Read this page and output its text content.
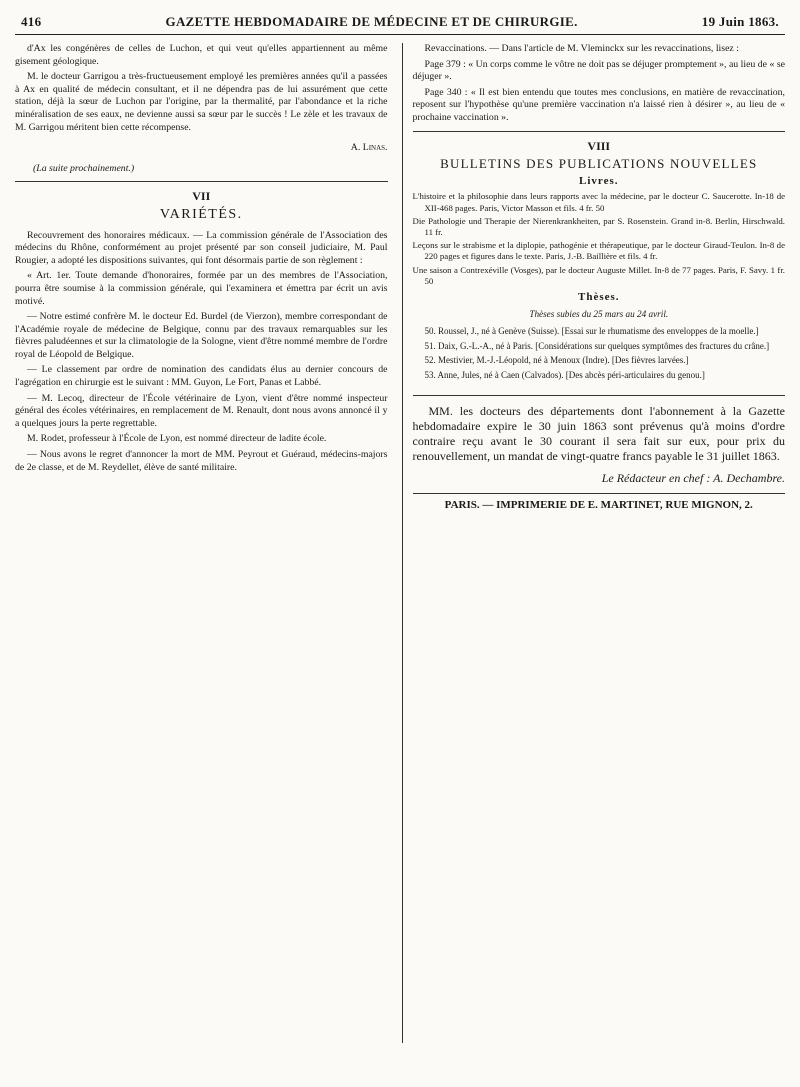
416	GAZETTE HEBDOMADAIRE DE MÉDECINE ET DE CHIRURGIE.	19 Juin 1863.

d'Ax les congénères de celles de Luchon, et qui veut qu'elles appartiennent au même gisement géologique.

M. le docteur Garrigou a très-fructueusement employé les premières années qu'il a passées à Ax en qualité de médecin consultant, et il ne dépendra pas de lui assurément que cette station, déjà la sœur de Luchon par l'origine, par la thermalité, par l'abondance et la riche minéralisation de ses eaux, ne devienne aussi sa sœur par le succès ! Le zèle et les travaux de M. Garrigou méritent bien cette récompense.

A. Linas.

(La suite prochainement.)

VII
VARIÉTÉS.

Recouvrement des honoraires médicaux. — La commission générale de l'Association des médecins du Rhône, conformément au projet présenté par son conseil judiciaire, M. Paul Rougier, a adopté les dispositions suivantes, qui font désormais partie de son règlement :

« Art. 1er. Toute demande d'honoraires, formée par un des membres de l'Association, pourra être soumise à la commission générale, qui l'examinera et émettra par écrit un avis motivé.

— Notre estimé confrère M. le docteur Ed. Burdel (de Vierzon), membre correspondant de l'Académie royale de médecine de Belgique, connu par des travaux remarquables sur les fièvres paludéennes et sur la climatologie de la Sologne, vient d'être nommé membre de l'ordre royal de Léopold de Belgique.

— Le classement par ordre de nomination des candidats élus au dernier concours de l'agrégation en chirurgie est le suivant : MM. Guyon, Le Fort, Panas et Labbé.

— M. Lecoq, directeur de l'École vétérinaire de Lyon, vient d'être nommé inspecteur général des écoles vétérinaires, en remplacement de M. Renault, dont nous avons annoncé il y a quelques jours la perte regrettable.

M. Rodet, professeur à l'École de Lyon, est nommé directeur de ladite école.

— Nous avons le regret d'annoncer la mort de MM. Peyrout et Guéraud, médecins-majors de 2e classe, et de M. Reydellet, élève de santé militaire.

Revaccinations. — Dans l'article de M. Vleminckx sur les revaccinations, lisez :

Page 379 : « Un corps comme le vôtre ne doit pas se déjuger promptement », au lieu de « se déjuger ».

Page 340 : « Il est bien entendu que toutes mes conclusions, en matière de revaccination, reposent sur l'hypothèse qu'une première vaccination n'a laissé rien à désirer », au lieu de « prochaine vaccination ».

VIII
BULLETINS DES PUBLICATIONS NOUVELLES
Livres.

L'histoire et la philosophie dans leurs rapports avec la médecine, par le docteur C. Saucerotte. In-18 de XII-468 pages. Paris, Victor Masson et fils. 4 fr. 50

Die Pathologie und Therapie der Nierenkrankheiten, par S. Rosenstein. Grand in-8. Berlin, Hirschwald. 11 fr.

Leçons sur le strabisme et la diplopie, pathogénie et thérapeutique, par le docteur Giraud-Teulon. In-8 de 220 pages et figures dans le texte. Paris, J.-B. Baillière et fils. 4 fr.

Une saison a Contrexéville (Vosges), par le docteur Auguste Millet. In-8 de 77 pages. Paris, F. Savy. 1 fr. 50

Thèses.
Thèses subies du 25 mars au 24 avril.

50. Roussel, J., né à Genève (Suisse). [Essai sur le rhumatisme des enveloppes de la moelle.]

51. Daix, G.-L.-A., né à Paris. [Considérations sur quelques symptômes des fractures du crâne.]

52. Mestivier, M.-J.-Léopold, né à Menoux (Indre). [Des fièvres larvées.]

53. Anne, Jules, né à Caen (Calvados). [Des abcès péri-articulaires du genou.]

MM. les docteurs des départements dont l'abonnement à la Gazette hebdomadaire expire le 30 juin 1863 sont prévenus qu'à moins d'ordre contraire reçu avant le 30 courant il sera fait sur eux, pour prix du renouvellement, un mandat de vingt-quatre francs payable le 31 juillet 1863.

Le Rédacteur en chef : A. Dechambre.
PARIS. — IMPRIMERIE DE E. MARTINET, RUE MIGNON, 2.
